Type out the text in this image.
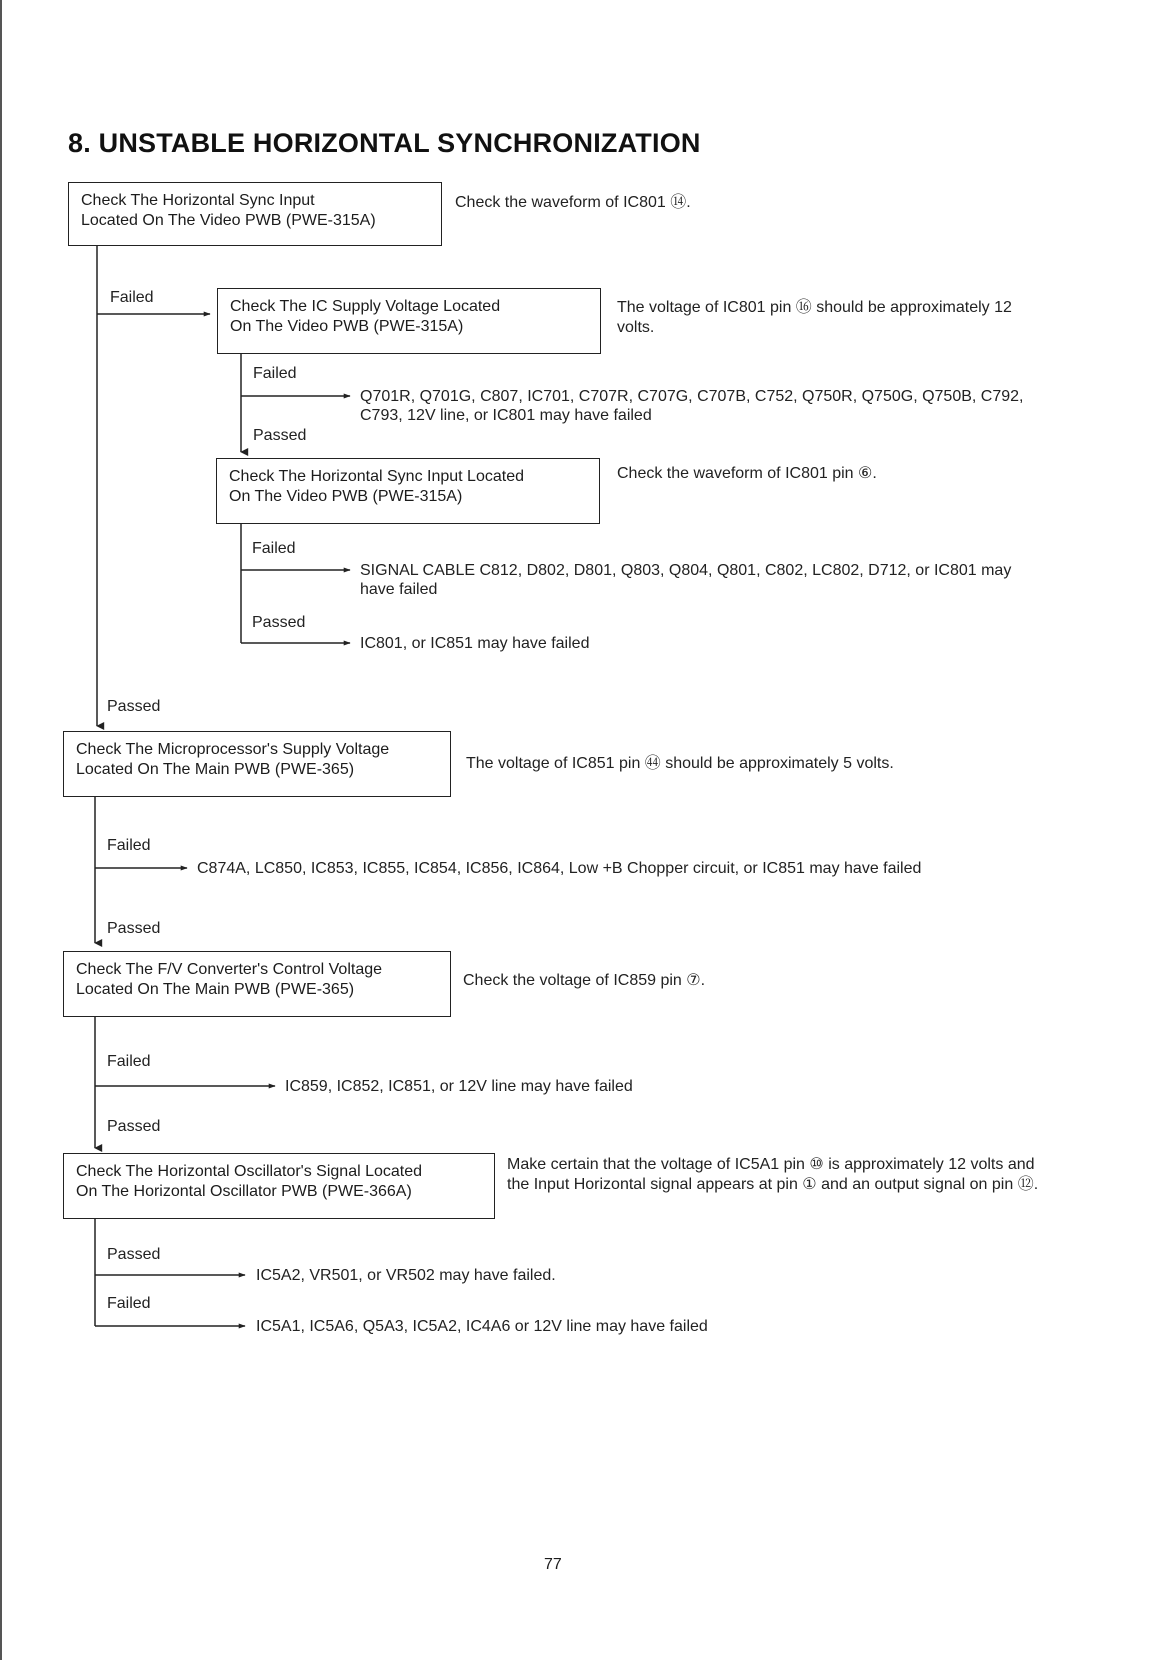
8. UNSTABLE HORIZONTAL SYNCHRONIZATION
Check The Horizontal Sync Input
Located On The Video PWB (PWE-315A)
Check the waveform of IC801 ⑭.
Failed
Check The IC Supply Voltage Located
On The Video PWB (PWE-315A)
The voltage of IC801 pin ⑯ should be approximately 12 volts.
Failed
Q701R, Q701G, C807, IC701, C707R, C707G, C707B, C752, Q750R, Q750G, Q750B, C792, C793, 12V line, or IC801 may have failed
Passed
Check The Horizontal Sync Input Located
On The Video PWB (PWE-315A)
Check the waveform of IC801 pin ⑥.
Failed
SIGNAL CABLE C812, D802, D801, Q803, Q804, Q801, C802, LC802, D712, or IC801 may have failed
Passed
IC801, or IC851 may have failed
Passed
Check The Microprocessor's Supply Voltage
Located On The Main PWB (PWE-365)	The voltage of IC851 pin ㊹ should be approximately 5 volts.
Failed
C874A, LC850, IC853, IC855, IC854, IC856, IC864, Low +B Chopper circuit, or IC851 may have failed
Passed
Check The F/V Converter's Control Voltage
Located On The Main PWB (PWE-365)
Check the voltage of IC859 pin ⑦.
Failed
IC859, IC852, IC851, or 12V line may have failed
Passed
Check The Horizontal Oscillator's Signal Located
On The Horizontal Oscillator PWB (PWE-366A)
Make certain that the voltage of IC5A1 pin ⑩ is approximately 12 volts and the Input Horizontal signal appears at pin ① and an output signal on pin ⑫.
Passed
IC5A2, VR501, or VR502 may have failed.
Failed
IC5A1, IC5A6, Q5A3, IC5A2, IC4A6 or 12V line may have failed
77
